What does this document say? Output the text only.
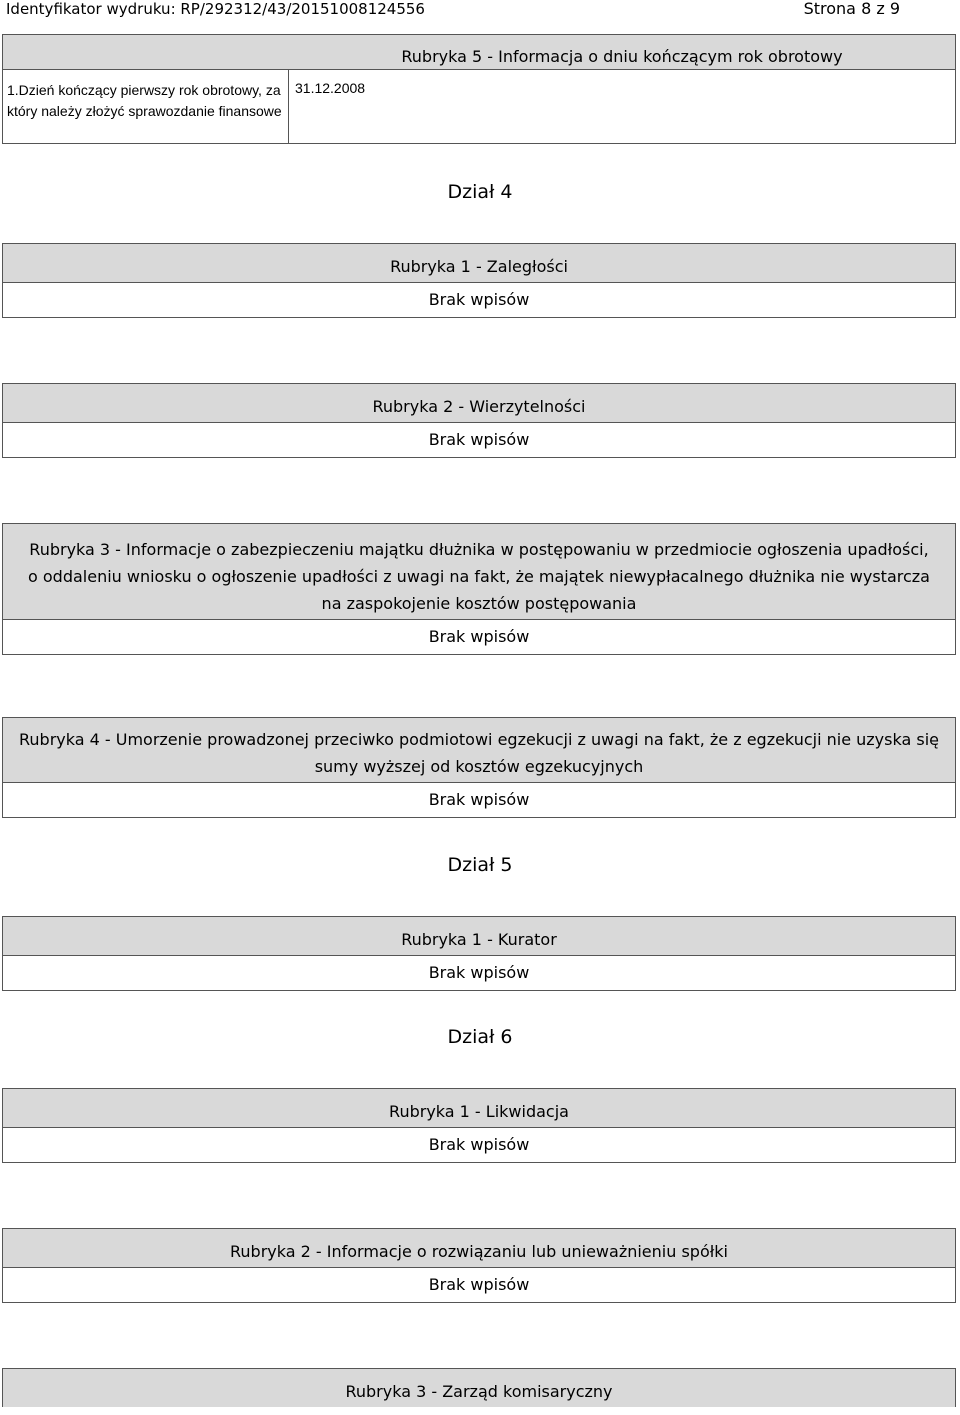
Identyfikator wydruku: RP/292312/43/20151008124556	Strona 8 z 9
Rubryka 5 - Informacja o dniu kończącym rok obrotowy
1.Dzień kończący pierwszy rok obrotowy, za który należy złożyć sprawozdanie finansowe
31.12.2008
Dział 4
Rubryka 1 - Zaległości
Brak wpisów
Rubryka 2 - Wierzytelności
Brak wpisów
Rubryka 3 - Informacje o zabezpieczeniu majątku dłużnika w postępowaniu w przedmiocie ogłoszenia upadłości, o oddaleniu wniosku o ogłoszenie upadłości z uwagi na fakt, że majątek niewypłacalnego dłużnika nie wystarcza na zaspokojenie kosztów postępowania
Brak wpisów
Rubryka 4 - Umorzenie prowadzonej przeciwko podmiotowi egzekucji z uwagi na fakt, że z egzekucji nie uzyska się sumy wyższej od kosztów egzekucyjnych
Brak wpisów
Dział 5
Rubryka 1 - Kurator
Brak wpisów
Dział 6
Rubryka 1 - Likwidacja
Brak wpisów
Rubryka 2 - Informacje o rozwiązaniu lub unieważnieniu spółki
Brak wpisów
Rubryka 3 - Zarząd komisaryczny
